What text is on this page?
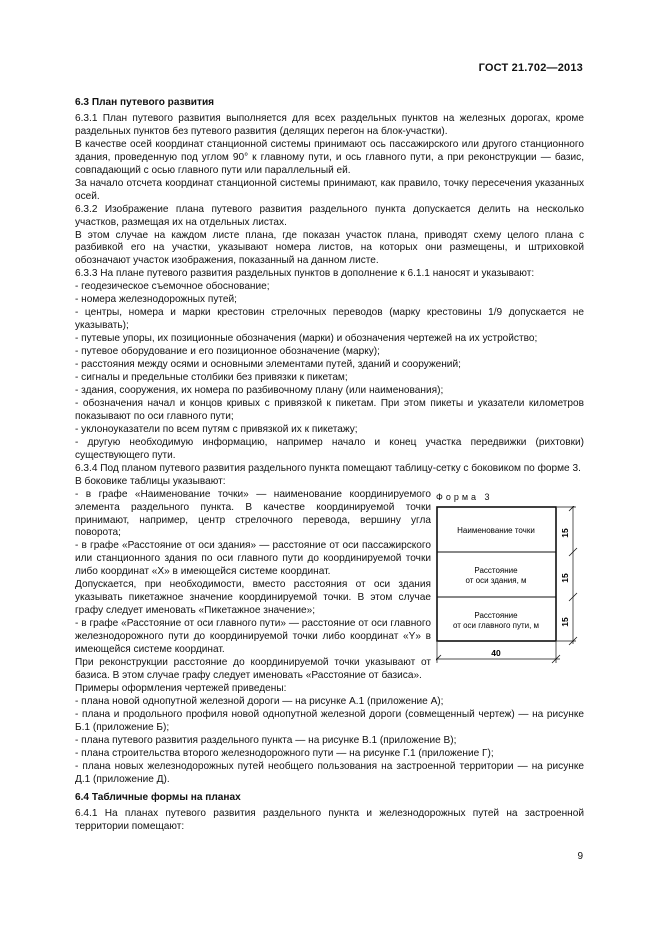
ГОСТ 21.702—2013

6.3 План путевого развития

6.3.1 План путевого развития выполняется для всех раздельных пунктов на железных дорогах, кроме раздельных пунктов без путевого развития (делящих перегон на блок-участки).

В качестве осей координат станционной системы принимают ось пассажирского или другого станционного здания, проведенную под углом 90° к главному пути, и ось главного пути, а при реконструкции — базис, совпадающий с осью главного пути или параллельный ей.

За начало отсчета координат станционной системы принимают, как правило, точку пересечения указанных осей.

6.3.2 Изображение плана путевого развития раздельного пункта допускается делить на несколько участков, размещая их на отдельных листах.

В этом случае на каждом листе плана, где показан участок плана, приводят схему целого плана с разбивкой его на участки, указывают номера листов, на которых они размещены, и штриховкой обозначают участок изображения, показанный на данном листе.

6.3.3 На плане путевого развития раздельных пунктов в дополнение к 6.1.1 наносят и указывают:

- геодезическое съемочное обоснование;

- номера железнодорожных путей;

- центры, номера и марки крестовин стрелочных переводов (марку крестовины 1/9 допускается не указывать);

- путевые упоры, их позиционные обозначения (марки) и обозначения чертежей на их устройство;

- путевое оборудование и его позиционное обозначение (марку);

- расстояния между осями и основными элементами путей, зданий и сооружений;

- сигналы и предельные столбики без привязки к пикетам;

- здания, сооружения, их номера по разбивочному плану (или наименования);

- обозначения начал и концов кривых с привязкой к пикетам. При этом пикеты и указатели километров показывают по оси главного пути;

- уклоноуказатели по всем путям с привязкой их к пикетажу;

- другую необходимую информацию, например начало и конец участка передвижки (рихтовки) существующего пути.

6.3.4 Под планом путевого развития раздельного пункта помещают таблицу-сетку с боковиком по форме 3.

В боковике таблицы указывают:

- в графе «Наименование точки» — наименование координируемого элемента раздельного пункта. В качестве координируемой точки принимают, например, центр стрелочного перевода, вершину угла поворота;

- в графе «Расстояние от оси здания» — расстояние от оси пассажирского или станционного здания по оси главного пути до координируемой точки либо координат «X» в имеющейся системе координат.

Допускается, при необходимости, вместо расстояния от оси здания указывать пикетажное значение координируемой точки. В этом случае графу следует именовать «Пикетажное значение»;

- в графе «Расстояние от оси главного пути» — расстояние от оси главного железнодорожного пути до координируемой точки либо координат «Y» в имеющейся системе координат.

При реконструкции расстояние до координируемой точки указывают от базиса. В этом случае графу следует именовать «Расстояние от базиса».

Примеры оформления чертежей приведены:

- плана новой однопутной железной дороги — на рисунке А.1 (приложение А);

- плана и продольного профиля новой однопутной железной дороги (совмещенный чертеж) — на рисунке Б.1 (приложение Б);

- плана путевого развития раздельного пункта — на рисунке В.1 (приложение В);

- плана строительства второго железнодорожного пути — на рисунке Г.1 (приложение Г);

- плана новых железнодорожных путей необщего пользования на застроенной территории — на рисунке Д.1 (приложение Д).

6.4 Табличные формы на планах

6.4.1 На планах путевого развития раздельного пункта и железнодорожных путей на застроенной территории помещают:

Форма 3
Наименование точки
Расстояние
от оси здания, м
Расстояние
от оси главного пути, м
15
15
15
40
9
